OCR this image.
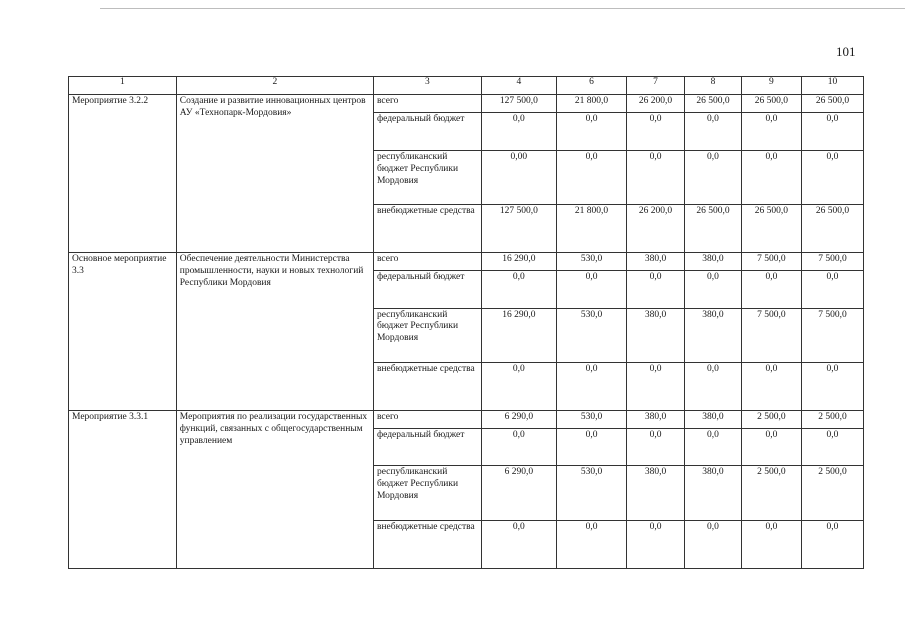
101
1	2	3	4	6	7	8	9	10
Мероприятие 3.2.2	Создание и развитие инновационных центров АУ «Технопарк-Мордовия»	всего	127 500,0	21 800,0	26 200,0	26 500,0	26 500,0	26 500,0
		федеральный бюджет	0,0	0,0	0,0	0,0	0,0	0,0
		республиканский бюджет Республики Мордовия	0,00	0,0	0,0	0,0	0,0	0,0
		внебюджетные средства	127 500,0	21 800,0	26 200,0	26 500,0	26 500,0	26 500,0
Основное мероприятие 3.3	Обеспечение деятельности Министерства промышленности, науки и новых технологий Республики Мордовия	всего	16 290,0	530,0	380,0	380,0	7 500,0	7 500,0
		федеральный бюджет	0,0	0,0	0,0	0,0	0,0	0,0
		республиканский бюджет Республики Мордовия	16 290,0	530,0	380,0	380,0	7 500,0	7 500,0
		внебюджетные средства	0,0	0,0	0,0	0,0	0,0	0,0
Мероприятие 3.3.1	Мероприятия по реализации государственных функций, связанных с общегосударственным управлением	всего	6 290,0	530,0	380,0	380,0	2 500,0	2 500,0
		федеральный бюджет	0,0	0,0	0,0	0,0	0,0	0,0
		республиканский бюджет Республики Мордовия	6 290,0	530,0	380,0	380,0	2 500,0	2 500,0
		внебюджетные средства	0,0	0,0	0,0	0,0	0,0	0,0
